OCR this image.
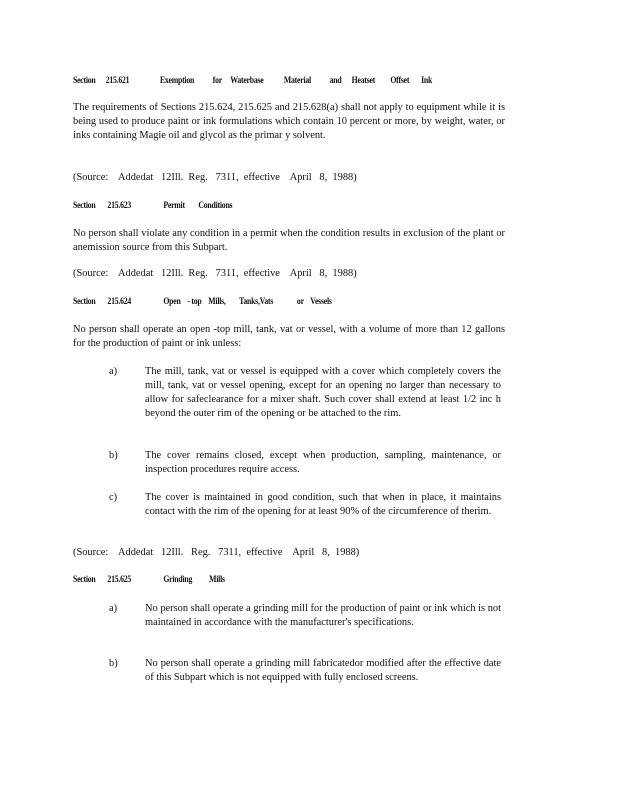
Section      215.621                  Exemption           for     Waterbase            Material           and      Heatset         Offset       Ink
The requirements of Sections 215.624, 215.625 and 215.628(a) shall not apply to equipment while it is being used to produce paint or ink formulations which contain 10 percent or more, by weight, water, or inks containing Magie oil and glycol as the primar y solvent.
(Source:    Addedat   12Ill.  Reg.   7311,  effective    April   8,  1988)
Section       215.623                   Permit        Conditions
No person shall violate any condition in a permit when the condition results in exclusion of the plant or anemission source from this Subpart.
(Source:    Addedat   12Ill.  Reg.   7311,  effective    April   8,  1988)
Section       215.624                   Open    - top    Mills,        Tanks,Vats              or    Vessels
No person shall operate an open -top mill, tank, vat or vessel, with a volume of more than 12 gallons for the production of paint or ink unless:
a)	The mill, tank, vat or vessel is equipped with a cover which completely covers the mill, tank, vat or vessel opening, except for an opening no larger than necessary to allow for safeclearance for a mixer shaft. Such cover shall extend at least 1/2 inc h beyond the outer rim of the opening or be attached to the rim.
b)	The cover remains closed, except when production, sampling, maintenance, or inspection procedures require access.
c)	The cover is maintained in good condition, such that when in place, it maintains contact with the rim of the opening for at least 90% of the circumference of therim.
(Source:    Addedat   12Ill.   Reg.   7311,  effective    April   8,  1988)
Section       215.625                   Grinding          Mills
a)	No person shall operate a grinding mill for the production of paint or ink which is not maintained in accordance with the manufacturer's specifications.
b)	No person shall operate a grinding mill fabricatedor modified after the effective date of this Subpart which is not equipped with fully enclosed screens.
